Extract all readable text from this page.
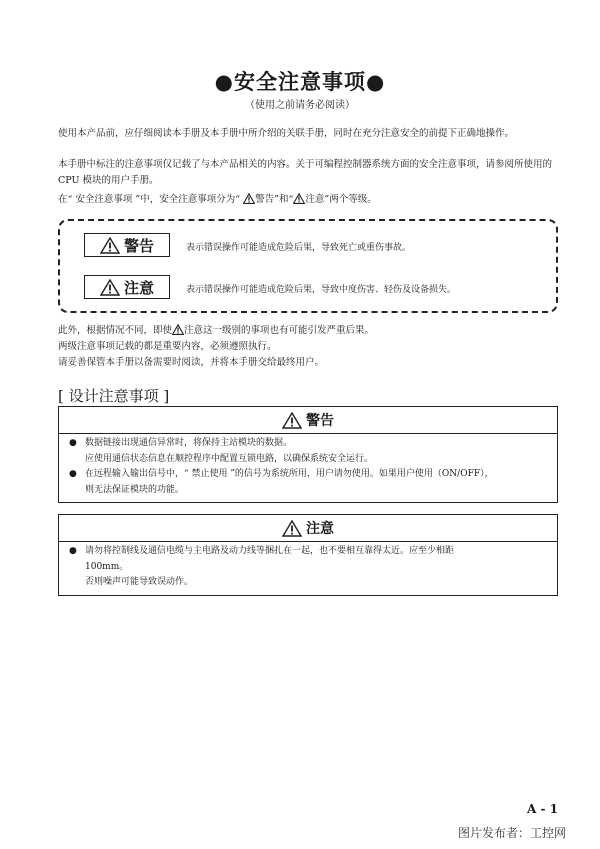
●安全注意事项●
（使用之前请务必阅读）
使用本产品前，应仔细阅读本手册及本手册中所介绍的关联手册，同时在充分注意安全的前提下正确地操作。
本手册中标注的注意事项仅记载了与本产品相关的内容。关于可编程控制器系统方面的安全注意事项，请参阅所使用的CPU 模块的用户手册。
在“ 安全注意事项 ”中，安全注意事项分为“ 警告”和“ 注意”两个等级。
警告	表示错误操作可能造成危险后果，导致死亡或重伤事故。
注意	表示错误操作可能造成危险后果，导致中度伤害、轻伤及设备损失。
此外，根据情况不同，即使 注意这一级别的事项也有可能引发严重后果。
两级注意事项记载的都是重要内容，必须遵照执行。
请妥善保管本手册以备需要时阅读，并将本手册交给最终用户。
[ 设计注意事项 ]
警告
● 数据链接出现通信异常时，将保持主站模块的数据。
应使用通信状态信息在顺控程序中配置互锁电路，以确保系统安全运行。
● 在远程输入输出信号中，“ 禁止使用 ”的信号为系统所用，用户请勿使用。如果用户使用（ON/OFF），
则无法保证模块的功能。
注意
● 请勿将控制线及通信电缆与主电路及动力线等捆扎在一起，也不要相互靠得太近。应至少相距
100mm。
否则噪声可能导致误动作。
A - 1
图片发布者：工控网
